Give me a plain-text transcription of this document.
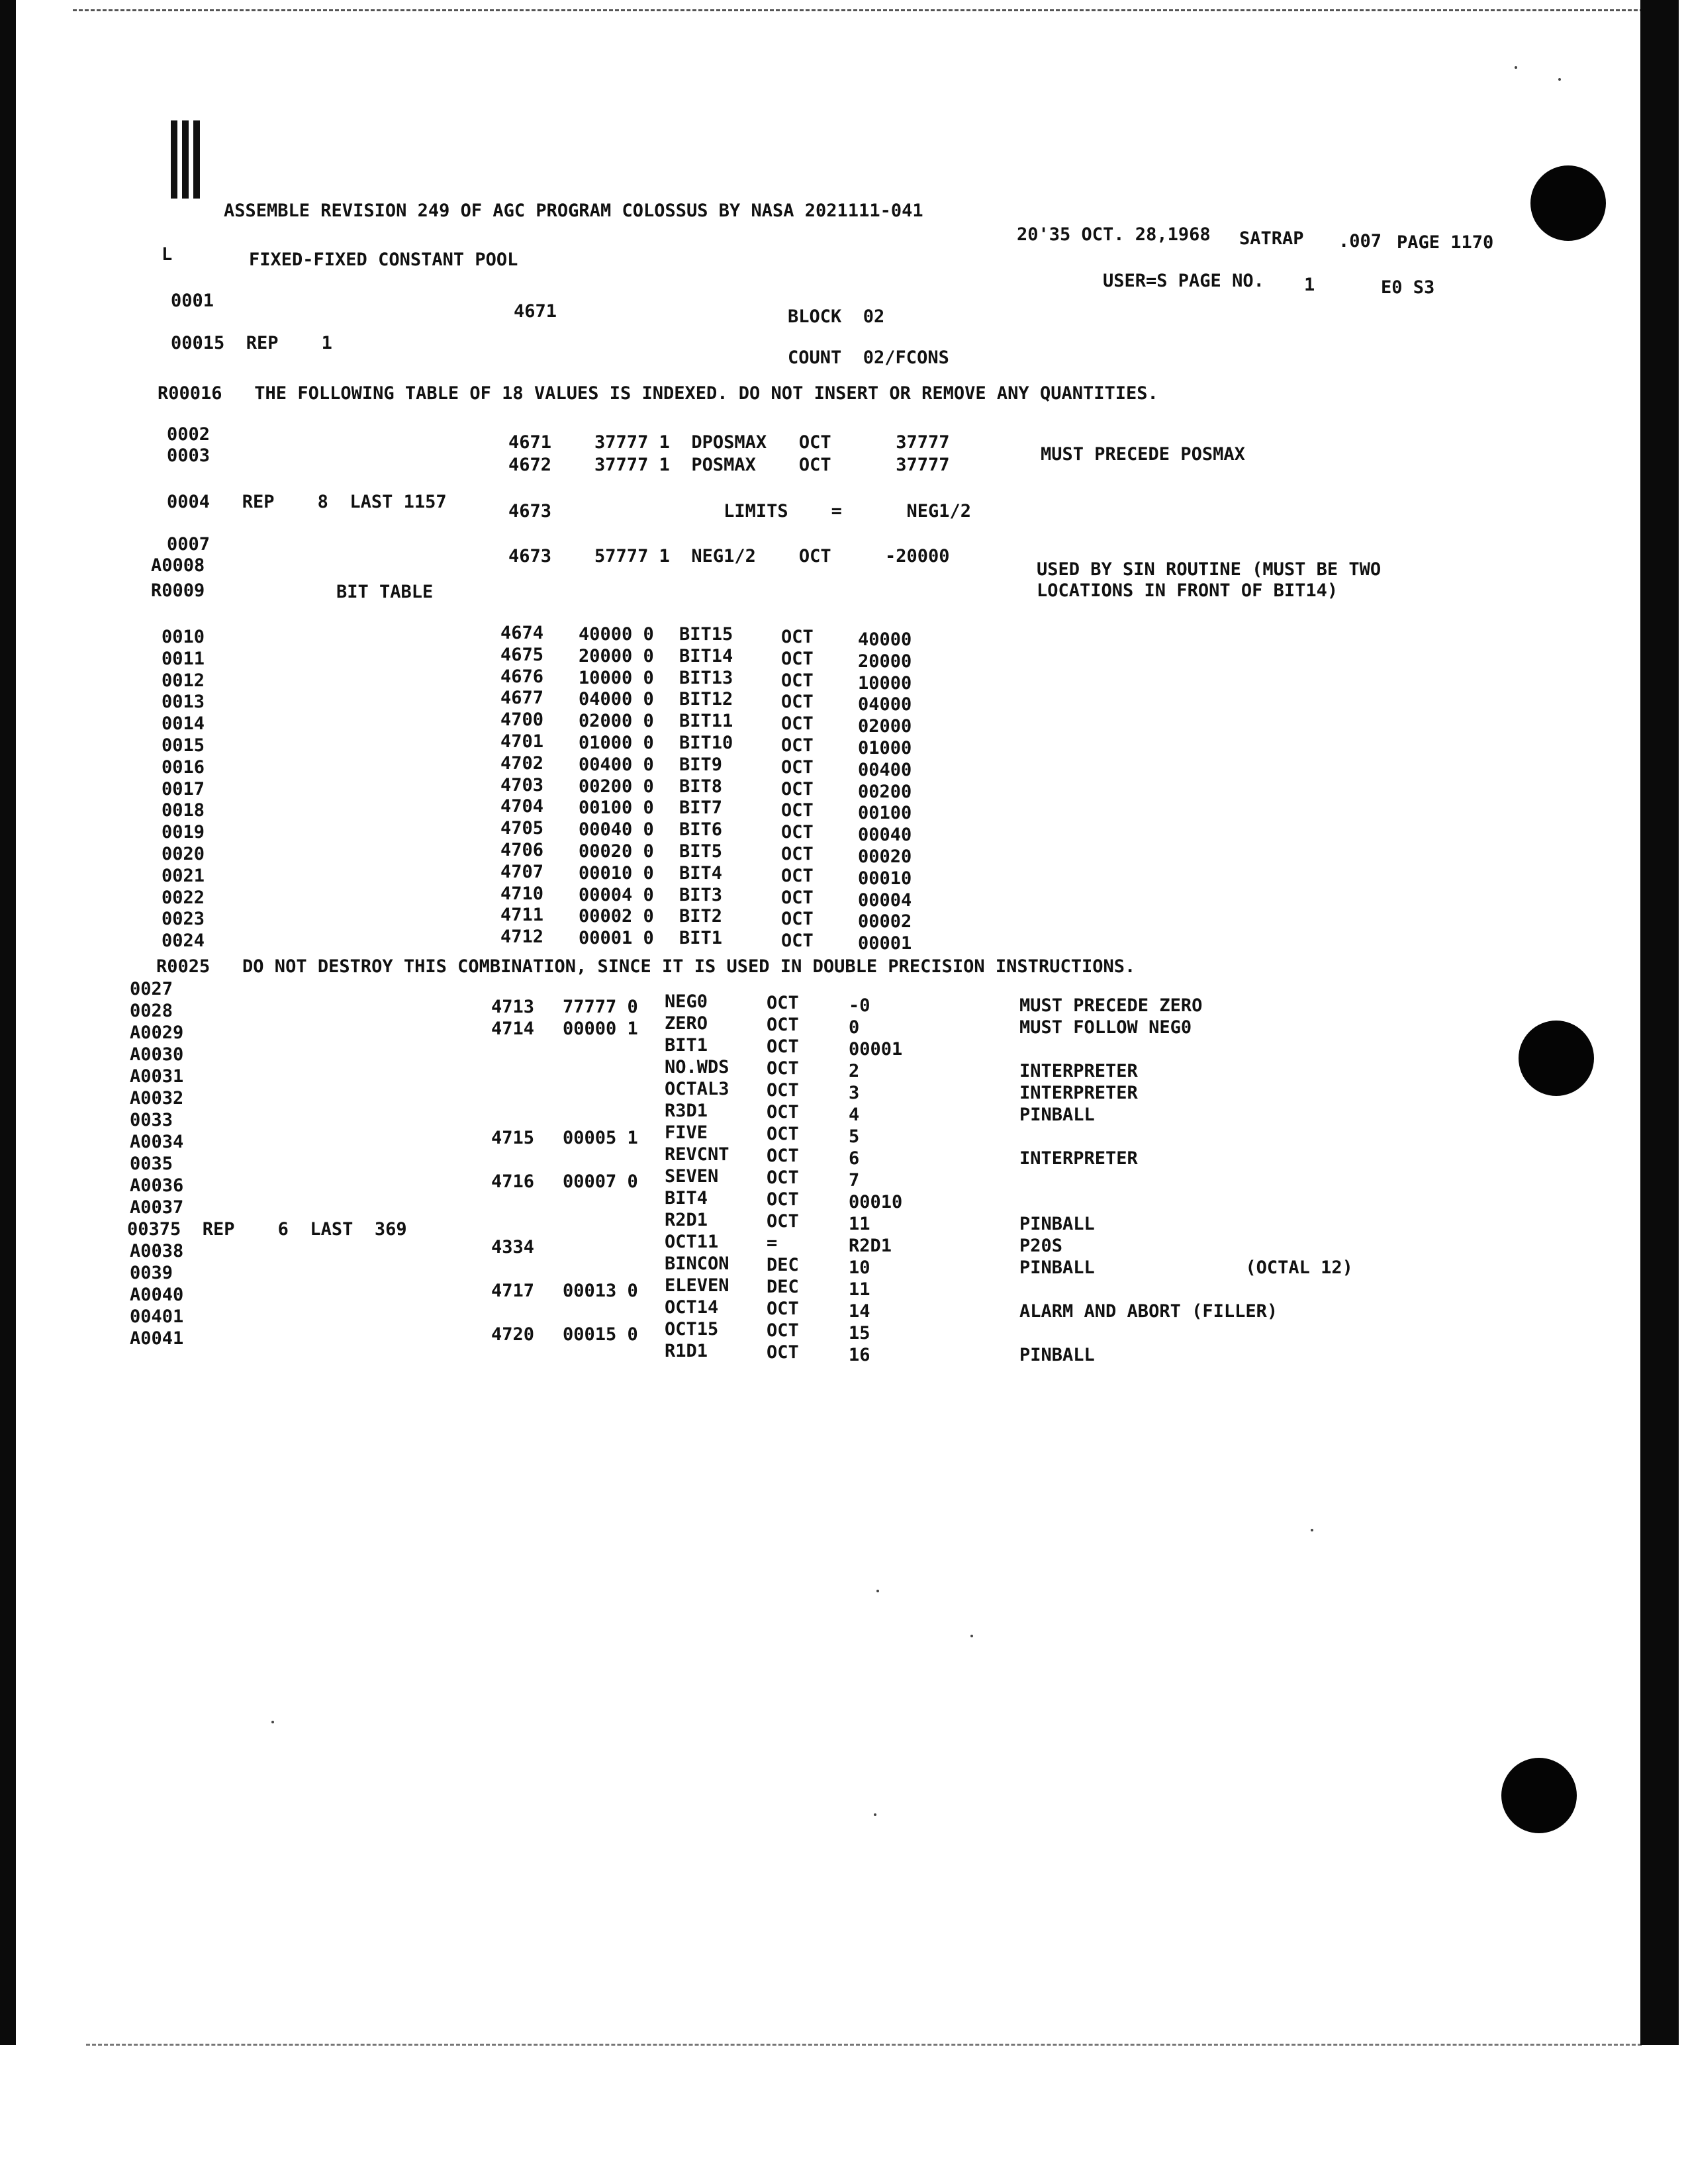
ASSEMBLE REVISION 249 OF AGC PROGRAM COLOSSUS BY NASA 2021111-041
20'35 OCT. 28,1968 SATRAP .007 PAGE 1170
L	FIXED-FIXED CONSTANT POOL
USER=S PAGE NO. 1	E0 S3
0001
4671	BLOCK  02
00015  REP    1
COUNT  02/FCONS
R00016   THE FOLLOWING TABLE OF 18 VALUES IS INDEXED. DO NOT INSERT OR REMOVE ANY QUANTITIES.
0002
0003
4671    37777 1  DPOSMAX   OCT      37777
4672    37777 1  POSMAX    OCT      37777
MUST PRECEDE POSMAX
0004   REP    8  LAST 1157	4673                LIMITS    =      NEG1/2
0007
A0008	4673    57777 1  NEG1/2    OCT     -20000
USED BY SIN ROUTINE (MUST BE TWO
R0009	BIT TABLE	LOCATIONS IN FRONT OF BIT14)
0010	4674 40000 0 BIT15	OCT 40000
0011	4675 20000 0 BIT14	OCT 20000
0012	4676 10000 0 BIT13	OCT 10000
0013	4677 04000 0 BIT12	OCT 04000
0014	4700 02000 0 BIT11	OCT 02000
0015	4701 01000 0 BIT10	OCT 01000
0016	4702 00400 0 BIT9	OCT 00400
0017	4703 00200 0 BIT8	OCT 00200
0018	4704 00100 0 BIT7	OCT 00100
0019	4705 00040 0 BIT6	OCT 00040
0020	4706 00020 0 BIT5	OCT 00020
0021	4707 00010 0 BIT4	OCT 00010
0022	4710 00004 0 BIT3	OCT 00004
0023	4711 00002 0 BIT2	OCT 00002
0024	4712 00001 0 BIT1	OCT 00001
R0025   DO NOT DESTROY THIS COMBINATION, SINCE IT IS USED IN DOUBLE PRECISION INSTRUCTIONS.
0027
0028	4713 77777 0 NEG0	OCT	-0	MUST PRECEDE ZERO
A0029	4714 00000 1 ZERO	OCT	0	MUST FOLLOW NEG0
A0030	BIT1	OCT	00001
A0031	NO.WDS OCT	2	INTERPRETER
A0032	OCTAL3 OCT	3	INTERPRETER
0033	R3D1	OCT	4	PINBALL
A0034	4715 00005 1 FIVE	OCT	5
0035	REVCNT OCT	6	INTERPRETER
A0036	4716 00007 0 SEVEN	OCT	7
A0037	BIT4	OCT	00010
00375  REP    6  LAST  369	R2D1	OCT	11	PINBALL
A0038	4334	OCT11	=	R2D1	P20S
0039	BINCON DEC	10	PINBALL              (OCTAL 12)
A0040	4717 00013 0 ELEVEN DEC	11
00401	OCT14	OCT	14	ALARM AND ABORT (FILLER)
A0041	4720 00015 0 OCT15	OCT	15
R1D1	OCT	16	PINBALL
